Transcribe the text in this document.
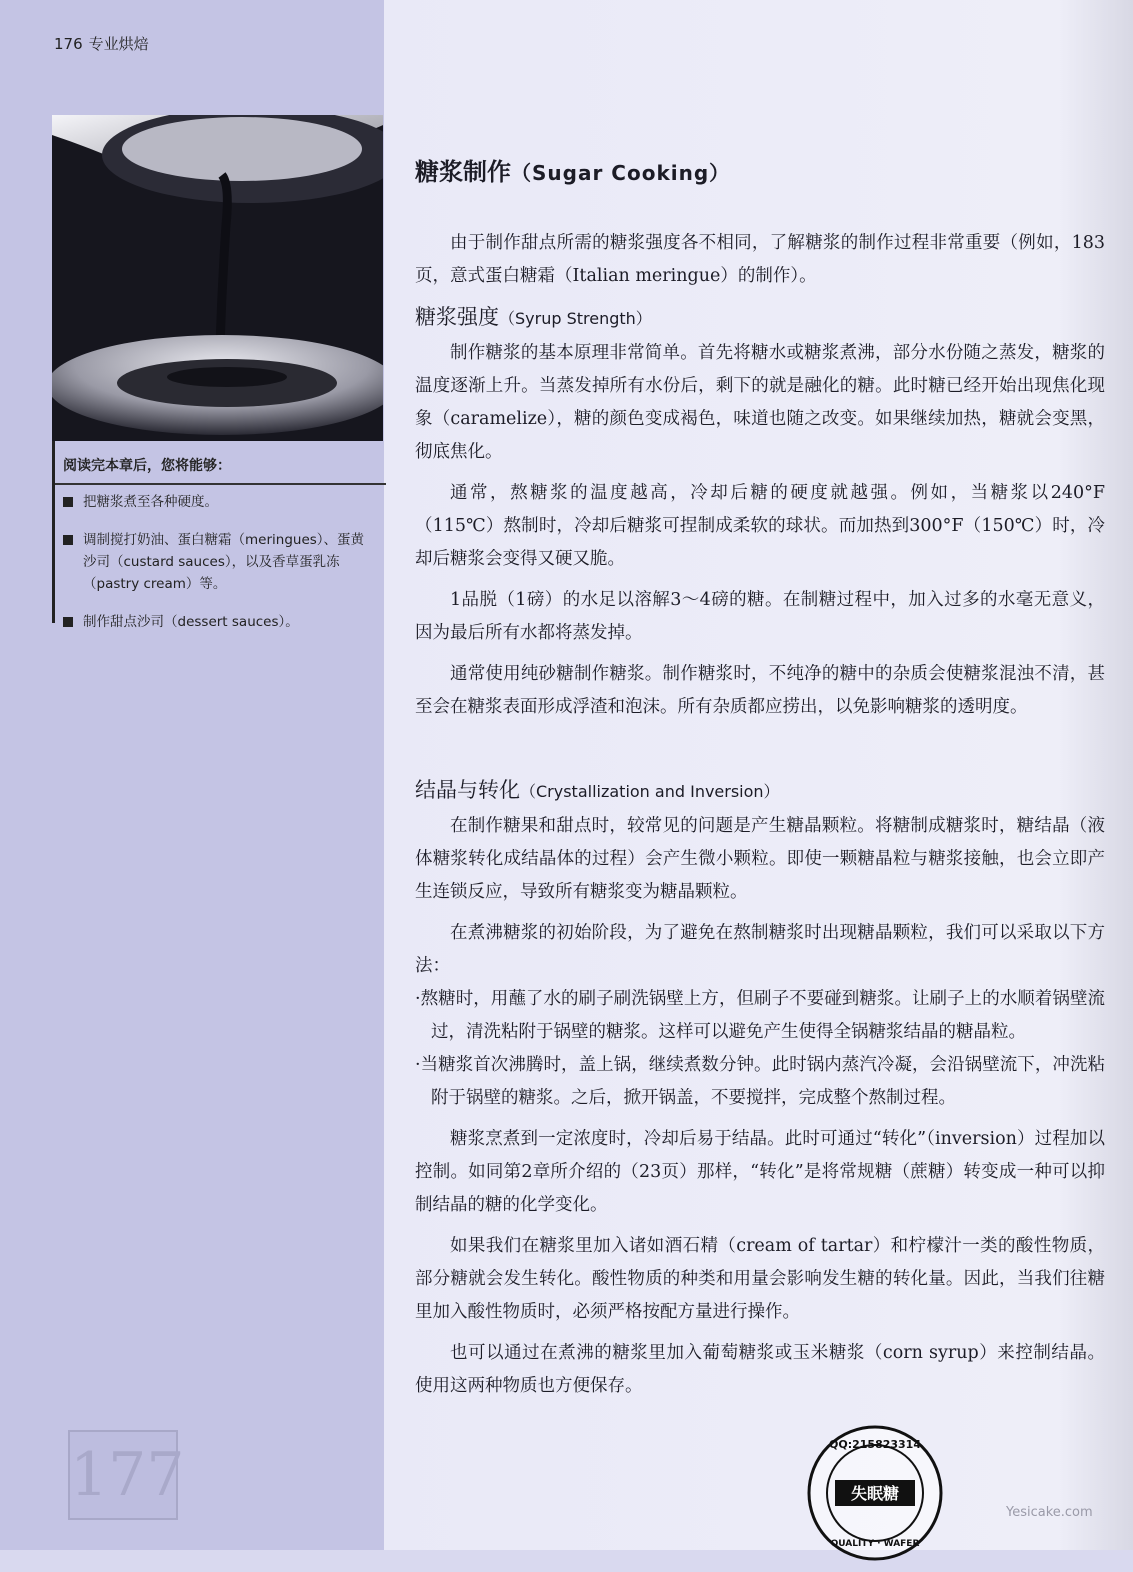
176 专业烘焙
阅读完本章后，您将能够：
把糖浆煮至各种硬度。
调制搅打奶油、蛋白糖霜（meringues）、蛋黄沙司（custard sauces），以及香草蛋乳冻（pastry cream）等。
制作甜点沙司（dessert sauces）。
177
糖浆制作（Sugar Cooking）

由于制作甜点所需的糖浆强度各不相同，了解糖浆的制作过程非常重要（例如，183页，意式蛋白糖霜（Italian meringue）的制作）。

糖浆强度（Syrup Strength）

制作糖浆的基本原理非常简单。首先将糖水或糖浆煮沸，部分水份随之蒸发，糖浆的温度逐渐上升。当蒸发掉所有水份后，剩下的就是融化的糖。此时糖已经开始出现焦化现象（caramelize），糖的颜色变成褐色，味道也随之改变。如果继续加热，糖就会变黑，彻底焦化。

通常，熬糖浆的温度越高，冷却后糖的硬度就越强。例如，当糖浆以240°F（115℃）熬制时，冷却后糖浆可捏制成柔软的球状。而加热到300°F（150℃）时，冷却后糖浆会变得又硬又脆。

1品脱（1磅）的水足以溶解3～4磅的糖。在制糖过程中，加入过多的水毫无意义，因为最后所有水都将蒸发掉。

通常使用纯砂糖制作糖浆。制作糖浆时，不纯净的糖中的杂质会使糖浆混浊不清，甚至会在糖浆表面形成浮渣和泡沫。所有杂质都应捞出，以免影响糖浆的透明度。

结晶与转化（Crystallization and Inversion）

在制作糖果和甜点时，较常见的问题是产生糖晶颗粒。将糖制成糖浆时，糖结晶（液体糖浆转化成结晶体的过程）会产生微小颗粒。即使一颗糖晶粒与糖浆接触，也会立即产生连锁反应，导致所有糖浆变为糖晶颗粒。

在煮沸糖浆的初始阶段，为了避免在熬制糖浆时出现糖晶颗粒，我们可以采取以下方法：

·熬糖时，用蘸了水的刷子刷洗锅壁上方，但刷子不要碰到糖浆。让刷子上的水顺着锅壁流过，清洗粘附于锅壁的糖浆。这样可以避免产生使得全锅糖浆结晶的糖晶粒。

·当糖浆首次沸腾时，盖上锅，继续煮数分钟。此时锅内蒸汽冷凝，会沿锅壁流下，冲洗粘附于锅壁的糖浆。之后，掀开锅盖，不要搅拌，完成整个熬制过程。

糖浆烹煮到一定浓度时，冷却后易于结晶。此时可通过“转化”（inversion）过程加以控制。如同第2章所介绍的（23页）那样，“转化”是将常规糖（蔗糖）转变成一种可以抑制结晶的糖的化学变化。

如果我们在糖浆里加入诸如酒石精（cream of tartar）和柠檬汁一类的酸性物质，部分糖就会发生转化。酸性物质的种类和用量会影响发生糖的转化量。因此，当我们往糖里加入酸性物质时，必须严格按配方量进行操作。

也可以通过在煮沸的糖浆里加入葡萄糖浆或玉米糖浆（corn syrup）来控制结晶。使用这两种物质也方便保存。

失眠糖
QQ:215823314
QUALITY · WAFER
Yesicake.com
